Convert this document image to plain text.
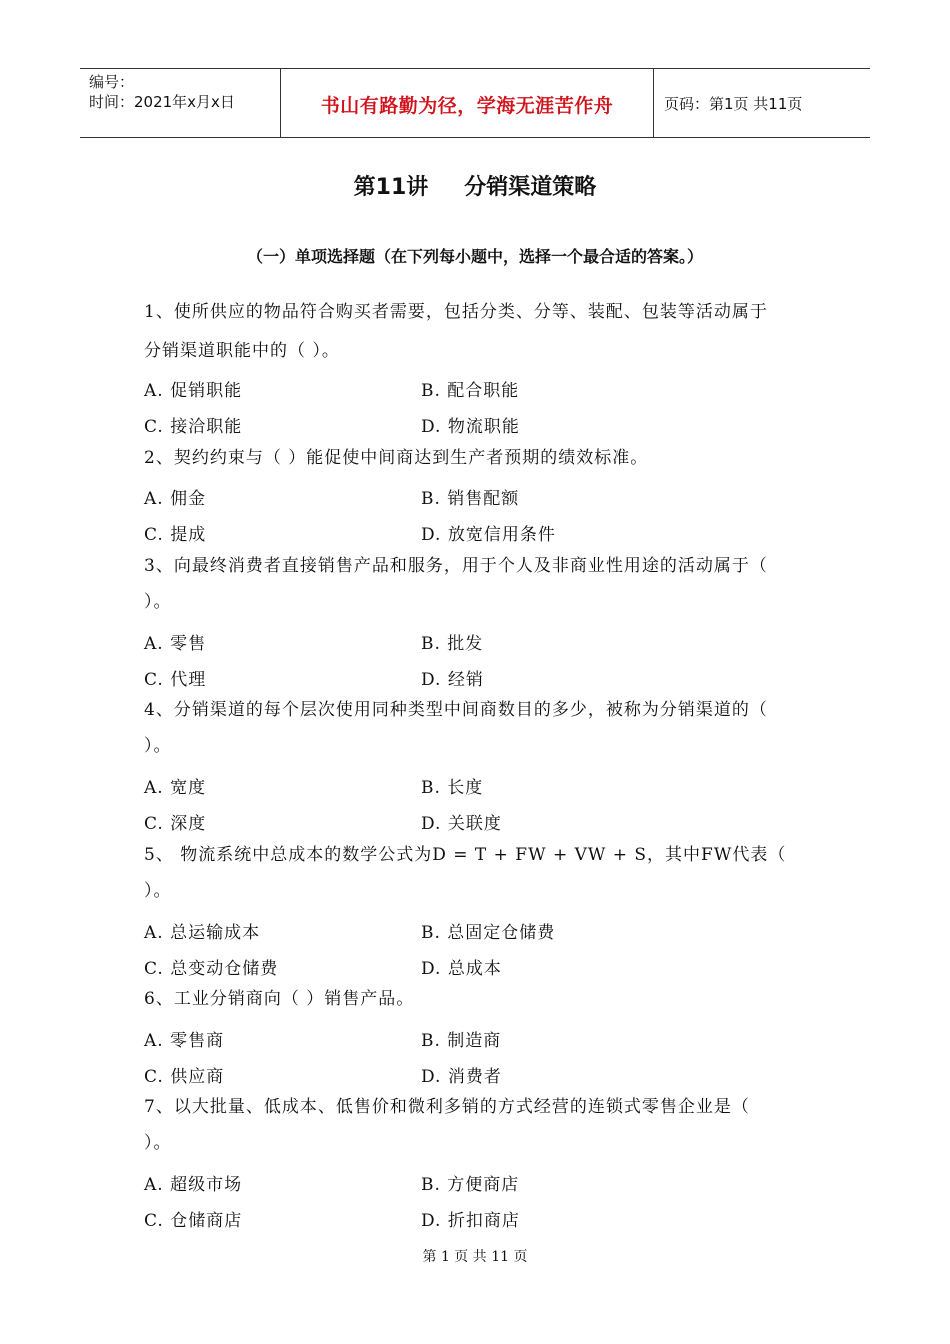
编号：
时间：2021年x月x日	书山有路勤为径，学海无涯苦作舟	页码：第1页 共11页
第11讲 分销渠道策略
（一）单项选择题（在下列每小题中，选择一个最合适的答案。）
1、使所供应的物品符合购买者需要，包括分类、分等、装配、包装等活动属于
分销渠道职能中的（ ）。
A. 促销职能	B. 配合职能
C. 接洽职能	D. 物流职能
2、契约约束与（ ）能促使中间商达到生产者预期的绩效标准。
A. 佣金	B. 销售配额
C. 提成	D. 放宽信用条件
3、向最终消费者直接销售产品和服务，用于个人及非商业性用途的活动属于（
）。
A. 零售	B. 批发
C. 代理	D. 经销
4、分销渠道的每个层次使用同种类型中间商数目的多少，被称为分销渠道的（
）。
A. 宽度	B. 长度
C. 深度	D. 关联度
5、 物流系统中总成本的数学公式为D = T + FW + VW + S，其中FW代表（
）。
A. 总运输成本	B. 总固定仓储费
C. 总变动仓储费	D. 总成本
6、工业分销商向（ ）销售产品。
A. 零售商	B. 制造商
C. 供应商	D. 消费者
7、以大批量、低成本、低售价和微利多销的方式经营的连锁式零售企业是（
）。
A. 超级市场	B. 方便商店
C. 仓储商店	D. 折扣商店
第 1 页 共 11 页
